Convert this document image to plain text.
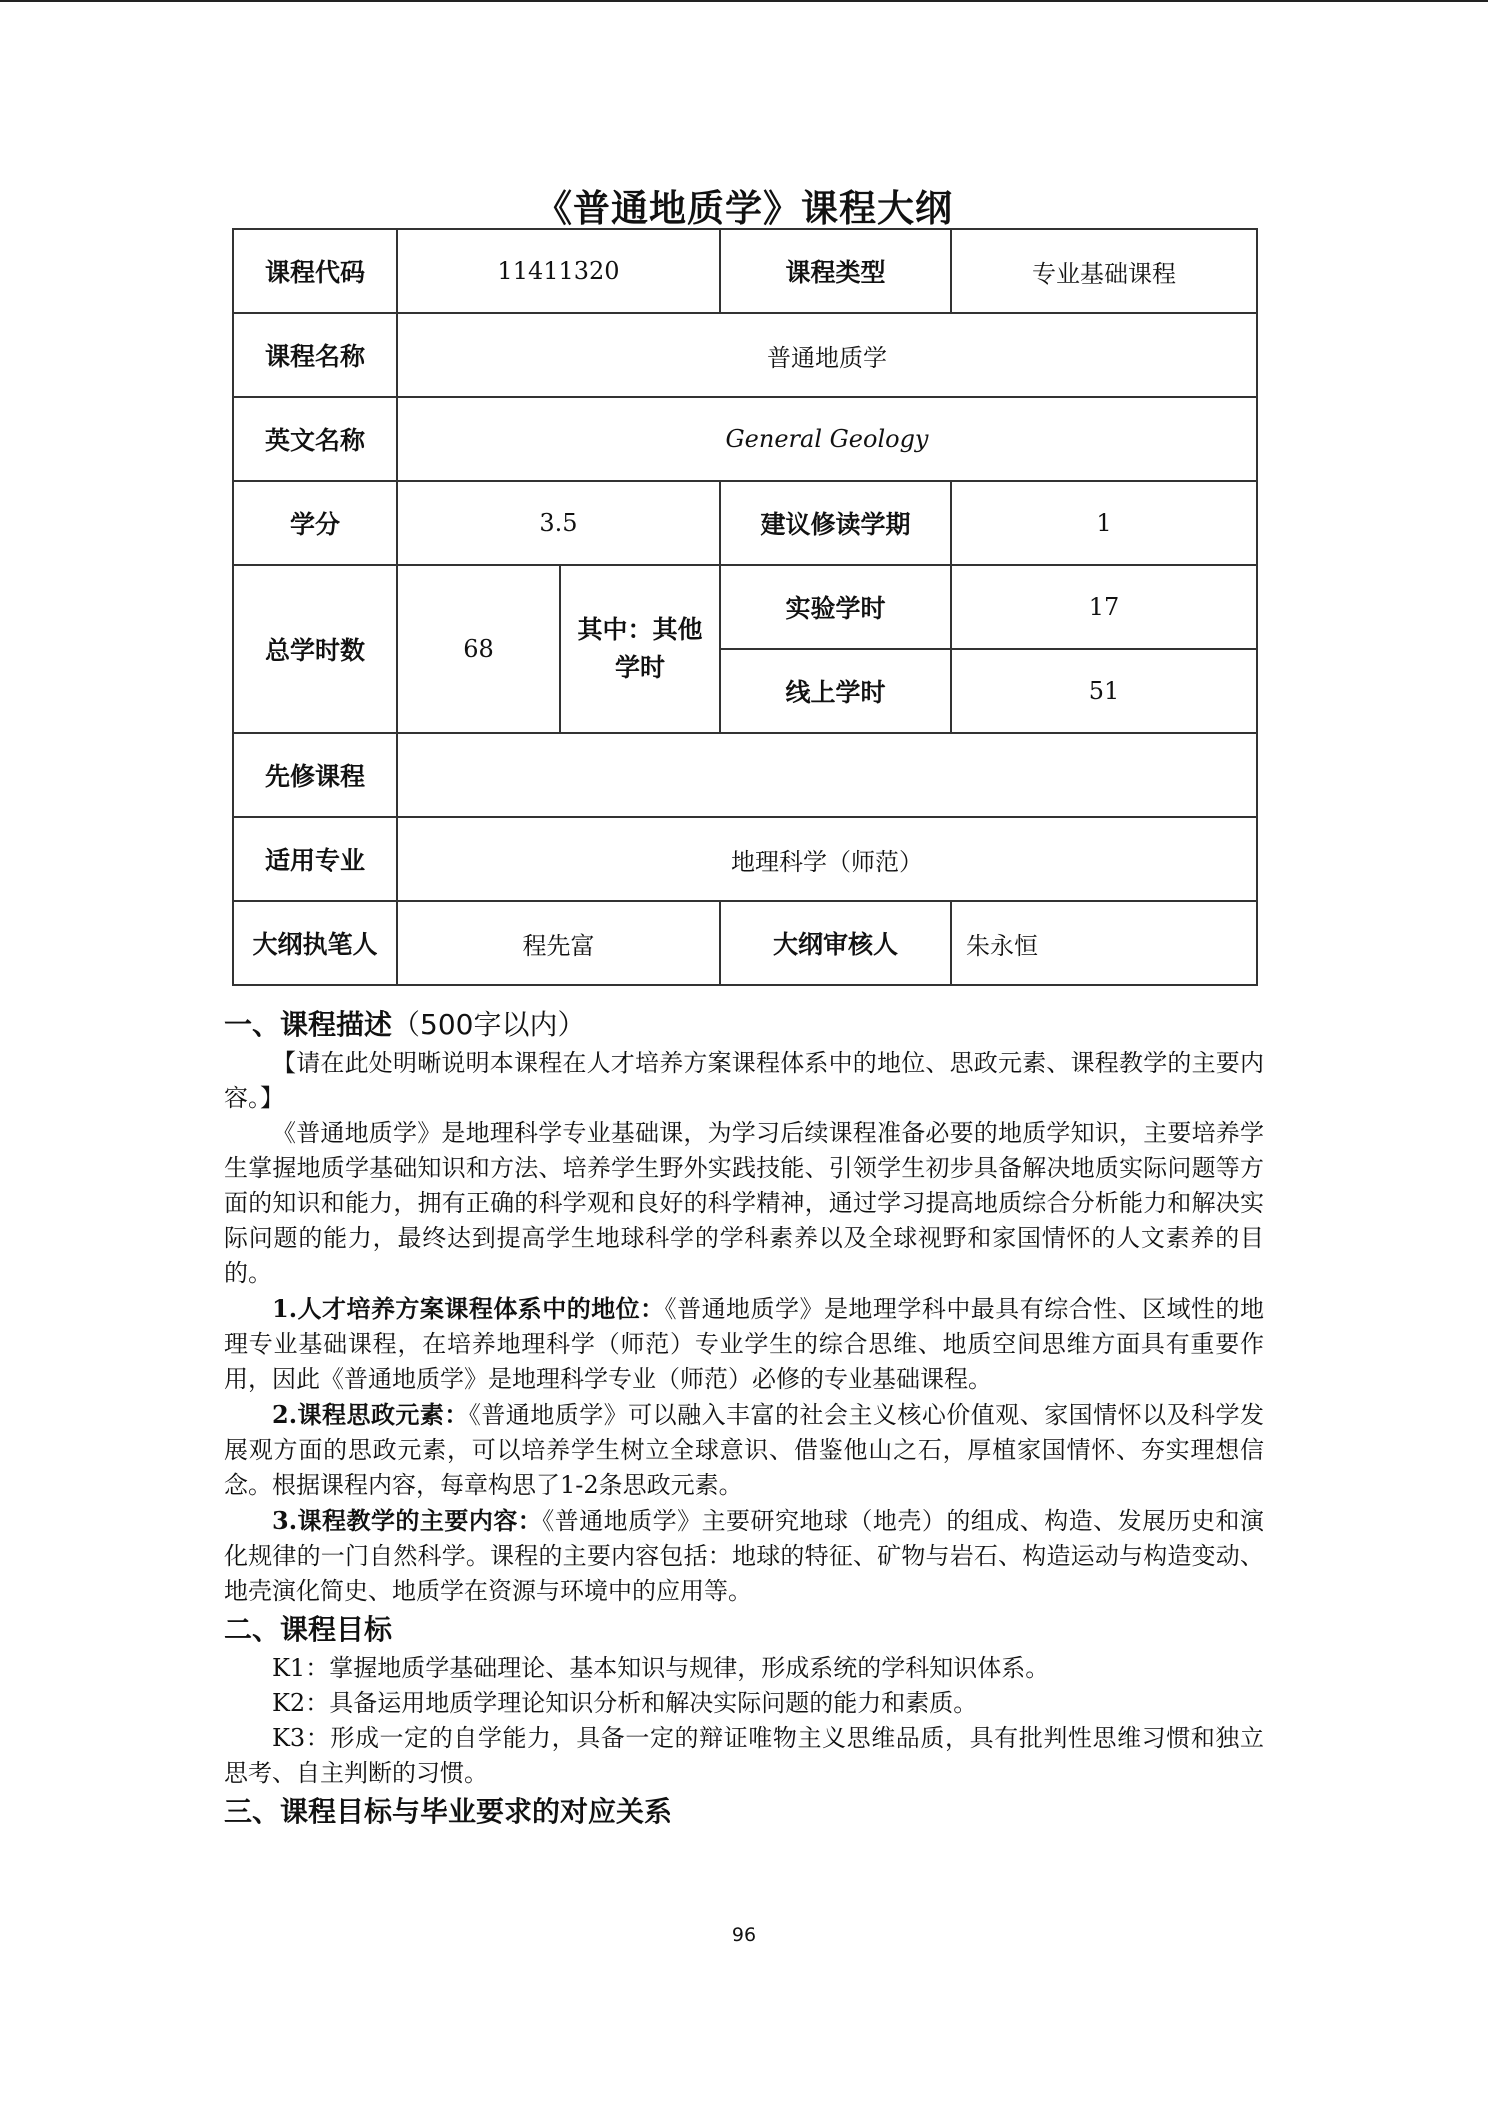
《普通地质学》课程大纲
课程代码	11411320		课程类型	专业基础课程
课程名称	普通地质学			
英文名称	General Geology			
学分	3.5		建议修读学期	1
总学时数	68	其中：其他学时	实验学时	17
			线上学时	51
先修课程				
适用专业	地理科学（师范）			
大纲执笔人	程先富		大纲审核人	朱永恒
一、课程描述（500字以内）

【请在此处明晰说明本课程在人才培养方案课程体系中的地位、思政元素、课程教学的主要内容。】

《普通地质学》是地理科学专业基础课，为学习后续课程准备必要的地质学知识，主要培养学生掌握地质学基础知识和方法、培养学生野外实践技能、引领学生初步具备解决地质实际问题等方面的知识和能力，拥有正确的科学观和良好的科学精神，通过学习提高地质综合分析能力和解决实际问题的能力，最终达到提高学生地球科学的学科素养以及全球视野和家国情怀的人文素养的目的。

1.人才培养方案课程体系中的地位：《普通地质学》是地理学科中最具有综合性、区域性的地理专业基础课程，在培养地理科学（师范）专业学生的综合思维、地质空间思维方面具有重要作用，因此《普通地质学》是地理科学专业（师范）必修的专业基础课程。

2.课程思政元素：《普通地质学》可以融入丰富的社会主义核心价值观、家国情怀以及科学发展观方面的思政元素，可以培养学生树立全球意识、借鉴他山之石，厚植家国情怀、夯实理想信念。根据课程内容，每章构思了1-2条思政元素。

3.课程教学的主要内容：《普通地质学》主要研究地球（地壳）的组成、构造、发展历史和演化规律的一门自然科学。课程的主要内容包括：地球的特征、矿物与岩石、构造运动与构造变动、地壳演化简史、地质学在资源与环境中的应用等。

二、课程目标

K1：掌握地质学基础理论、基本知识与规律，形成系统的学科知识体系。

K2：具备运用地质学理论知识分析和解决实际问题的能力和素质。

K3：形成一定的自学能力，具备一定的辩证唯物主义思维品质，具有批判性思维习惯和独立思考、自主判断的习惯。

三、课程目标与毕业要求的对应关系
96
